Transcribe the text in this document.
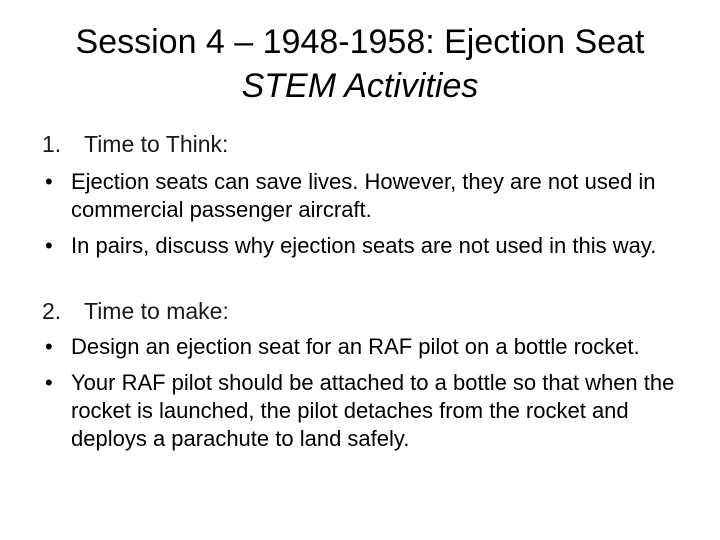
Session 4 – 1948-1958: Ejection Seat
STEM Activities
1. Time to Think:
• Ejection seats can save lives. However, they are not used in commercial passenger aircraft.
• In pairs, discuss why ejection seats are not used in this way.
2. Time to make:
• Design an ejection seat for an RAF pilot on a bottle rocket.
• Your RAF pilot should be attached to a bottle so that when the rocket is launched, the pilot detaches from the rocket and deploys a parachute to land safely.
